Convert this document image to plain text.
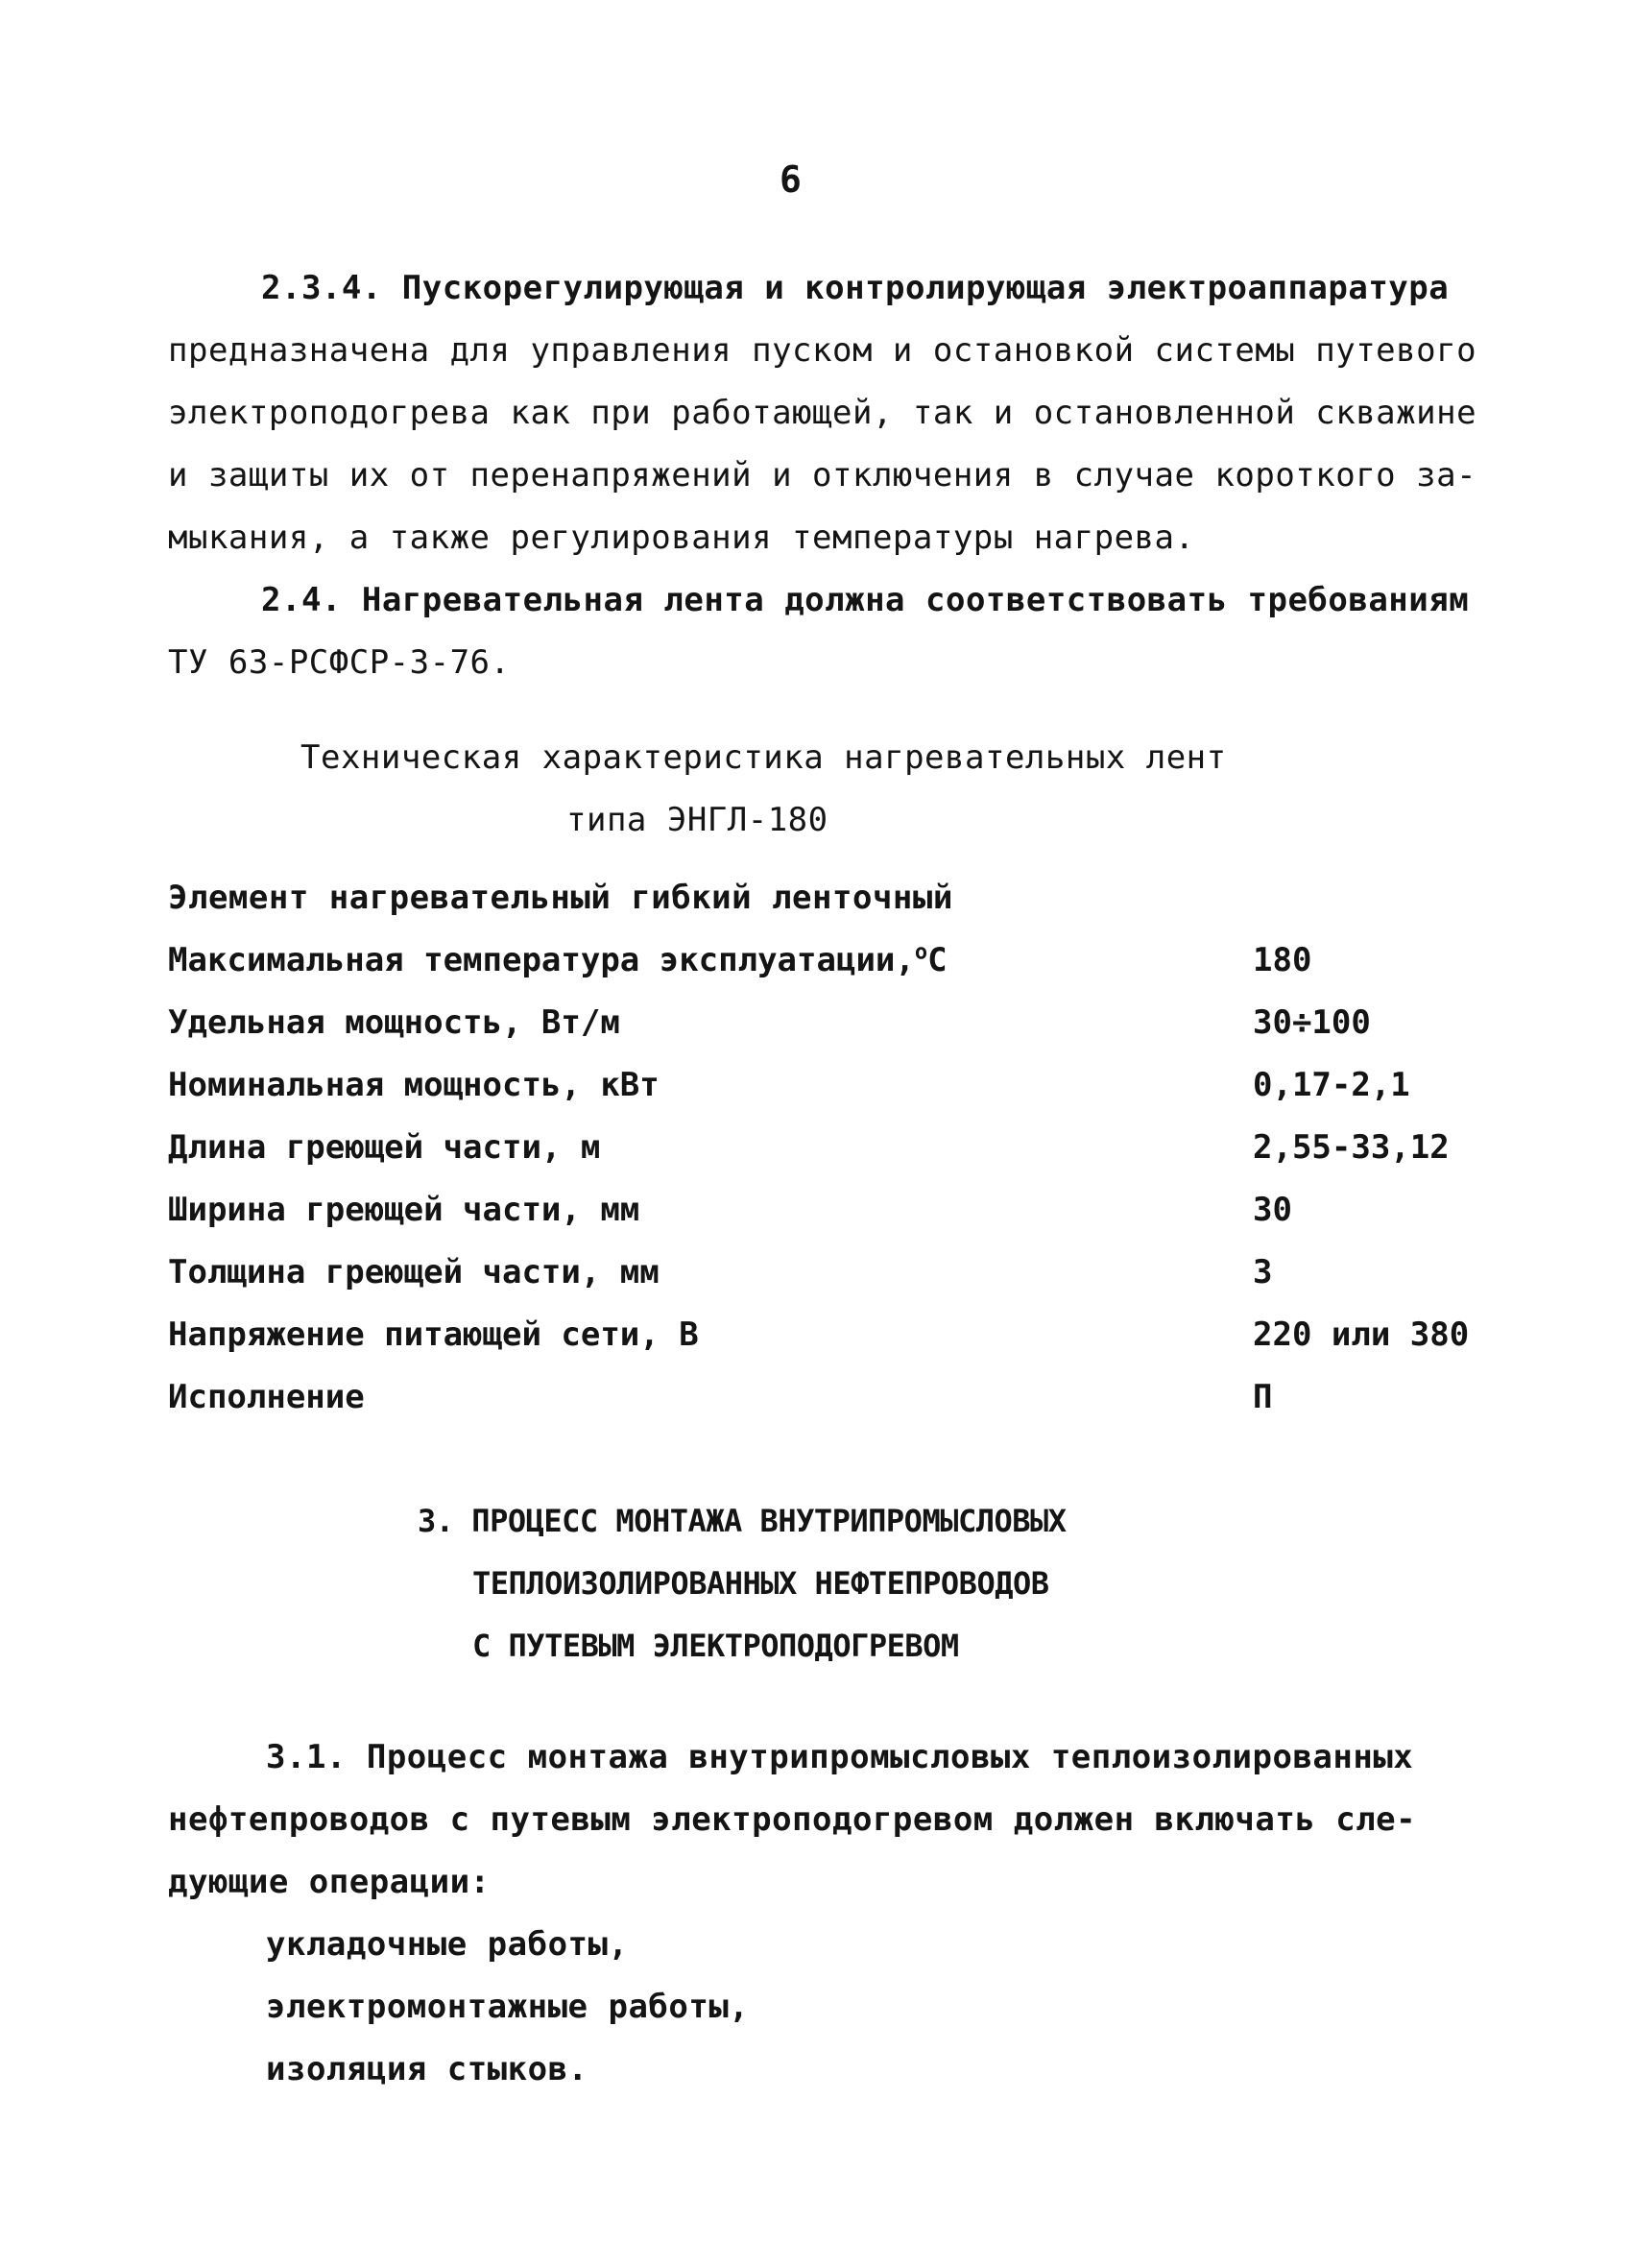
6
2.3.4. Пускорегулирующая и контролирующая электроаппаратура
предназначена для управления пуском и остановкой системы путевого
электроподогрева как при работающей, так и остановленной скважине
и защиты их от перенапряжений и отключения в случае короткого за-
мыкания, а также регулирования температуры нагрева.
2.4. Нагревательная лента должна соответствовать требованиям
ТУ 63-РСФСР-3-76.
Техническая характеристика нагревательных лент
типа ЭНГЛ-180
Элемент нагревательный гибкий ленточный
Максимальная температура эксплуатации,$^о$С	180
Удельная мощность, Вт/м	30÷100
Номинальная мощность, кВт	0,17-2,1
Длина греющей части, м	2,55-33,12
Ширина греющей части, мм	30
Толщина греющей части, мм	3
Напряжение питающей сети, В	220 или 380
Исполнение	П
3. ПРОЦЕСС МОНТАЖА ВНУТРИПРОМЫСЛОВЫХ
ТЕПЛОИЗОЛИРОВАННЫХ НЕФТЕПРОВОДОВ
С ПУТЕВЫМ ЭЛЕКТРОПОДОГРЕВОМ
3.1. Процесс монтажа внутрипромысловых теплоизолированных
нефтепроводов с путевым электроподогревом должен включать сле-
дующие операции:
укладочные работы,
электромонтажные работы,
изоляция стыков.
